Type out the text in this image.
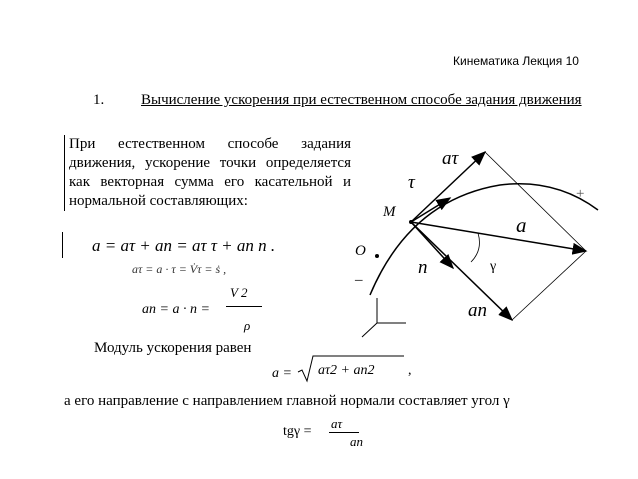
Кинематика Лекция 10
1. Вычисление ускорения при естественном способе задания движения
При естественном способе задания движения, ускорение точки определяется как векторная сумма его касательной и нормальной составляющих:
a = aτ + an = aτ τ + an n .
aτ = a · τ = V̇τ = ṡ ,
an = a · n =
V 2
ρ
Модуль ускорения равен
a = aτ2 + an2 ,
а его направление с направлением главной нормали составляет угол γ
tgγ =
aτ
an
M
O
–
+
τ
aτ
n
an
a
γ
